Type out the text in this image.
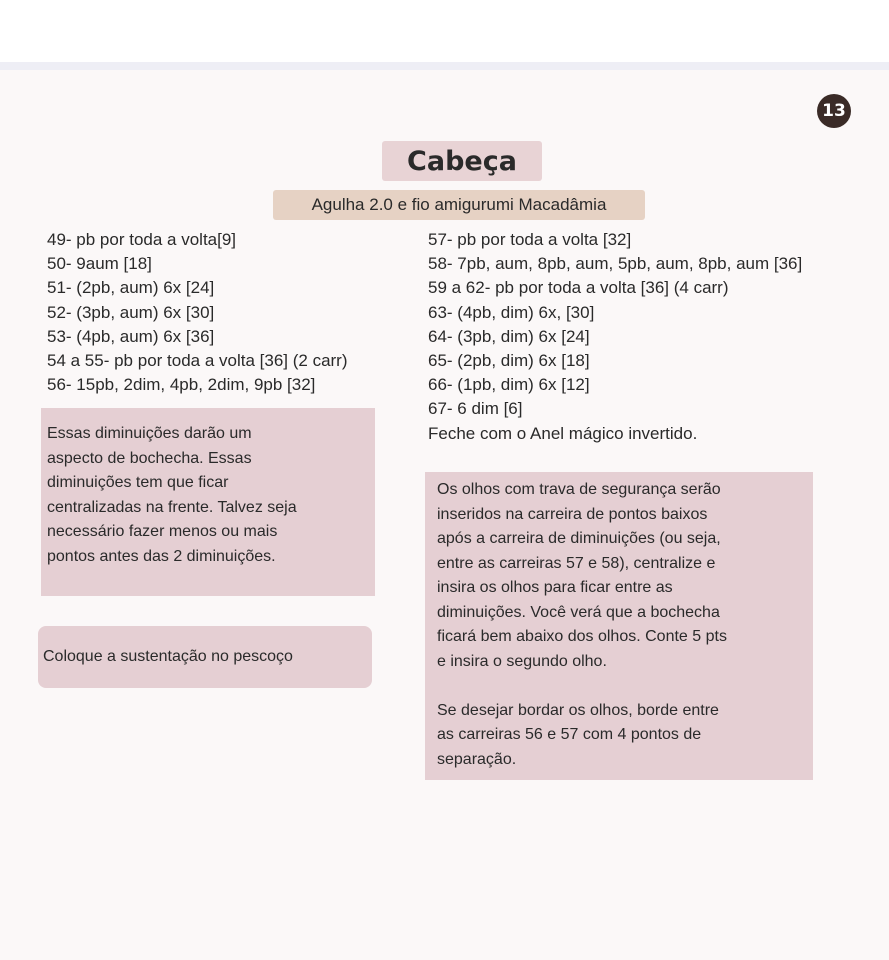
13
Cabeça
Agulha 2.0 e fio amigurumi Macadâmia
49- pb por toda a volta[9]
50- 9aum [18]
51- (2pb, aum) 6x [24]
52- (3pb, aum) 6x [30]
53- (4pb, aum) 6x [36]
54 a 55- pb por toda a volta [36] (2 carr)
56- 15pb, 2dim, 4pb, 2dim, 9pb [32]
57- pb por toda a volta [32]
58- 7pb, aum, 8pb, aum, 5pb, aum, 8pb, aum [36]
59 a 62- pb por toda a volta [36] (4 carr)
63- (4pb, dim) 6x, [30]
64- (3pb, dim) 6x [24]
65- (2pb, dim) 6x [18]
66- (1pb, dim) 6x [12]
67- 6 dim [6]
Feche com o Anel mágico invertido.
Essas diminuições darão um
aspecto de bochecha. Essas
diminuições tem que ficar
centralizadas na frente. Talvez seja
necessário fazer menos ou mais
pontos antes das 2 diminuições.
Coloque a sustentação no pescoço
Os olhos com trava de segurança serão
inseridos na carreira de pontos baixos
após a carreira de diminuições (ou seja,
entre as carreiras 57 e 58), centralize e
insira os olhos para ficar entre as
diminuições. Você verá que a bochecha
ficará bem abaixo dos olhos. Conte 5 pts
e insira o segundo olho.
Se desejar bordar os olhos, borde entre
as carreiras 56 e 57 com 4 pontos de
separação.
